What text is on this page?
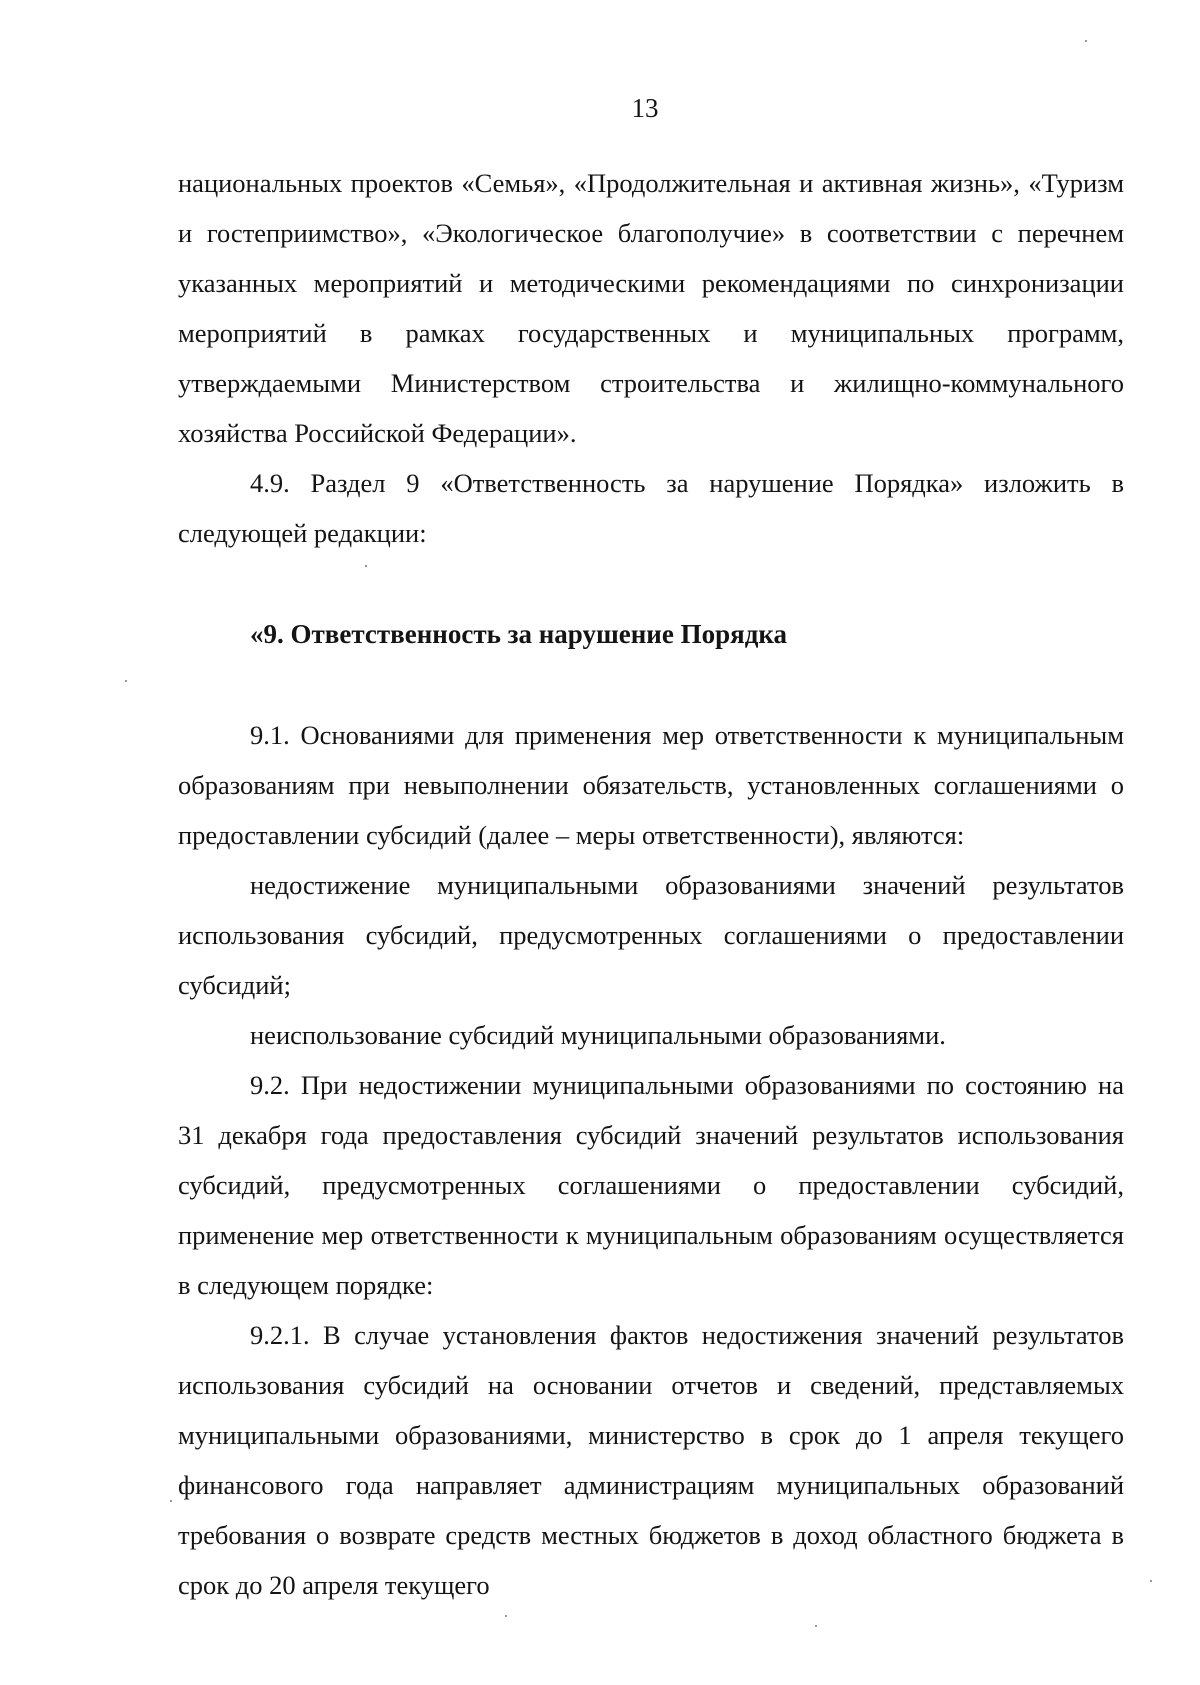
13

национальных проектов «Семья», «Продолжительная и активная жизнь», «Туризм и гостеприимство», «Экологическое благополучие» в соответствии с перечнем указанных мероприятий и методическими рекомендациями по синхронизации мероприятий в рамках государственных и муниципальных программ, утверждаемыми Министерством строительства и жилищно-коммунального хозяйства Российской Федерации».

4.9. Раздел 9 «Ответственность за нарушение Порядка» изложить в следующей редакции:

«9. Ответственность за нарушение Порядка

9.1. Основаниями для применения мер ответственности к муниципальным образованиям при невыполнении обязательств, установленных соглашениями о предоставлении субсидий (далее – меры ответственности), являются:

недостижение муниципальными образованиями значений результатов использования субсидий, предусмотренных соглашениями о предоставлении субсидий;

неиспользование субсидий муниципальными образованиями.

9.2. При недостижении муниципальными образованиями по состоянию на 31 декабря года предоставления субсидий значений результатов использования субсидий, предусмотренных соглашениями о предоставлении субсидий, применение мер ответственности к муниципальным образованиям осуществляется в следующем порядке:

9.2.1. В случае установления фактов недостижения значений результатов использования субсидий на основании отчетов и сведений, представляемых муниципальными образованиями, министерство в срок до 1 апреля текущего финансового года направляет администрациям муниципальных образований требования о возврате средств местных бюджетов в доход областного бюджета в срок до 20 апреля текущего
